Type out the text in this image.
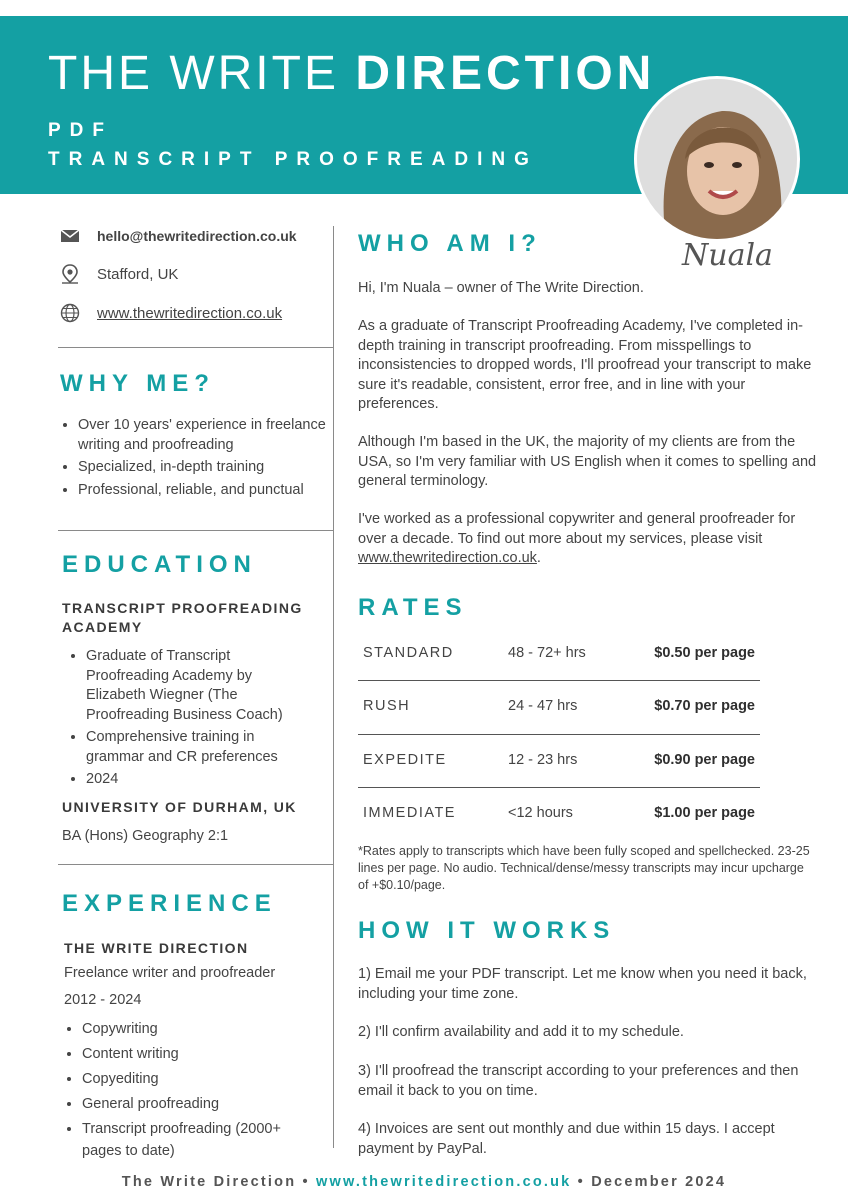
THE WRITE DIRECTION
PDF
TRANSCRIPT PROOFREADING
Nuala
hello@thewritedirection.co.uk
Stafford, UK
www.thewritedirection.co.uk
WHY ME?
• Over 10 years' experience in freelance writing and proofreading
• Specialized, in-depth training
• Professional, reliable, and punctual
EDUCATION
TRANSCRIPT PROOFREADING ACADEMY
• Graduate of Transcript Proofreading Academy by Elizabeth Wiegner (The Proofreading Business Coach)
• Comprehensive training in grammar and CR preferences
• 2024
UNIVERSITY OF DURHAM, UK
BA (Hons) Geography 2:1
EXPERIENCE
THE WRITE DIRECTION
Freelance writer and proofreader
2012 - 2024
• Copywriting
• Content writing
• Copyediting
• General proofreading
• Transcript proofreading (2000+ pages to date)
WHO AM I?
Hi, I'm Nuala – owner of The Write Direction.
As a graduate of Transcript Proofreading Academy, I've completed in-depth training in transcript proofreading. From misspellings to inconsistencies to dropped words, I'll proofread your transcript to make sure it's readable, consistent, error free, and in line with your preferences.
Although I'm based in the UK, the majority of my clients are from the USA, so I'm very familiar with US English when it comes to spelling and general terminology.
I've worked as a professional copywriter and general proofreader for over a decade. To find out more about my services, please visit www.thewritedirection.co.uk.
RATES
STANDARD	48 - 72+ hrs	$0.50 per page
RUSH	24 - 47 hrs	$0.70 per page
EXPEDITE	12 - 23 hrs	$0.90 per page
IMMEDIATE	<12 hours	$1.00 per page
*Rates apply to transcripts which have been fully scoped and spellchecked. 23-25 lines per page. No audio. Technical/dense/messy transcripts may incur upcharge of +$0.10/page.
HOW IT WORKS
1) Email me your PDF transcript. Let me know when you need it back, including your time zone.
2) I'll confirm availability and add it to my schedule.
3) I'll proofread the transcript according to your preferences and then email it back to you on time.
4) Invoices are sent out monthly and due within 15 days. I accept payment by PayPal.
The Write Direction • www.thewritedirection.co.uk • December 2024
